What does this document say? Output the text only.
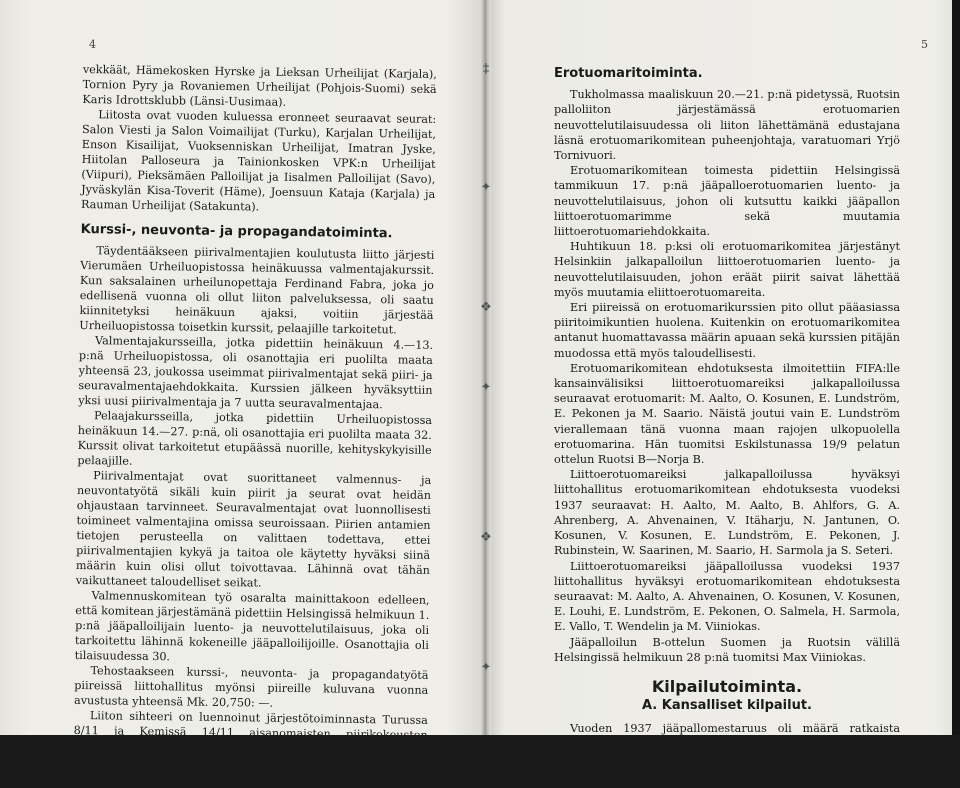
4

vekkäät, Hämekosken Hyrske ja Lieksan Urheilijat (Karjala), Tornion Pyry ja Rovaniemen Urheilijat (Pohjois-Suomi) sekä Karis Idrottsklubb (Länsi-Uusimaa).

Liitosta ovat vuoden kuluessa eronneet seuraavat seurat: Salon Viesti ja Salon Voimailijat (Turku), Karjalan Urheilijat, Enson Kisailijat, Vuoksenniskan Urheilijat, Imatran Jyske, Hiitolan Palloseura ja Tainionkosken VPK:n Urheilijat (Viipuri), Pieksämäen Palloilijat ja Iisalmen Palloilijat (Savo), Jyväskylän Kisa-Toverit (Häme), Joensuun Kataja (Karjala) ja Rauman Urheilijat (Satakunta).

Kurssi-, neuvonta- ja propagandatoiminta.

Täydentääkseen piirivalmentajien koulutusta liitto järjesti Vierumäen Urheiluopistossa heinäkuussa valmentajakurssit. Kun saksalainen urheilunopettaja Ferdinand Fabra, joka jo edellisenä vuonna oli ollut liiton palveluksessa, oli saatu kiinnitetyksi heinäkuun ajaksi, voitiin järjestää Urheiluopistossa toisetkin kurssit, pelaajille tarkoitetut.

Valmentajakursseilla, jotka pidettiin heinäkuun 4.—13. p:nä Urheiluopistossa, oli osanottajia eri puolilta maata yhteensä 23, joukossa useimmat piirivalmentajat sekä piiri- ja seuravalmentajaehdokkaita. Kurssien jälkeen hyväksyttiin yksi uusi piirivalmentaja ja 7 uutta seuravalmentajaa.

Pelaajakursseilla, jotka pidettiin Urheiluopistossa heinäkuun 14.—27. p:nä, oli osanottajia eri puolilta maata 32. Kurssit olivat tarkoitetut etupäässä nuorille, kehityskykyisille pelaajille.

Piirivalmentajat ovat suorittaneet valmennus- ja neuvontatyötä sikäli kuin piirit ja seurat ovat heidän ohjaustaan tarvinneet. Seuravalmentajat ovat luonnollisesti toimineet valmentajina omissa seuroissaan. Piirien antamien tietojen perusteella on valittaen todettava, ettei piirivalmentajien kykyä ja taitoa ole käytetty hyväksi siinä määrin kuin olisi ollut toivottavaa. Lähinnä ovat tähän vaikuttaneet taloudelliset seikat.

Valmennuskomitean työ osaralta mainittakoon edelleen, että komitean järjestämänä pidettiin Helsingissä helmikuun 1. p:nä jääpalloilijain luento- ja neuvottelutilaisuus, joka oli tarkoitettu lähinnä kokeneille jääpalloilijoille. Osanottajia oli tilaisuudessa 30.

Tehostaakseen kurssi-, neuvonta- ja propagandatyötä piireissä liittohallitus myönsi piireille kuluvana vuonna avustusta yhteensä Mk. 20,750: —.

Liiton sihteeri on luennoinut järjestötoiminnasta Turussa 8/11 ja Kemissä 14/11 aisanomaisten piirikokousten yhteydessä.

Toukokuun 13. p:nä järjestettiin tavanmukainen Helsingin halkijuoksu.

5
Erotuomaritoiminta.

Tukholmassa maaliskuun 20.—21. p:nä pidetyssä, Ruotsin palloliiton järjestämässä erotuomarien neuvottelutilaisuudessa oli liiton lähettämänä edustajana läsnä erotuomarikomitean puheenjohtaja, varatuomari Yrjö Tornivuori.

Erotuomarikomitean toimesta pidettiin Helsingissä tammikuun 17. p:nä jääpalloerotuomarien luento- ja neuvottelutilaisuus, johon oli kutsuttu kaikki jääpallon liittoerotuomarimme sekä muutamia liittoerotuomariehdokkaita.

Huhtikuun 18. p:ksi oli erotuomarikomitea järjestänyt Helsinkiin jalkapalloilun liittoerotuomarien luento- ja neuvottelutilaisuuden, johon eräät piirit saivat lähettää myös muutamia eliittoerotuomareita.

Eri piireissä on erotuomarikurssien pito ollut pääasiassa piiritoimikuntien huolena. Kuitenkin on erotuomarikomitea antanut huomattavassa määrin apuaan sekä kurssien pitäjän muodossa että myös taloudellisesti.

Erotuomarikomitean ehdotuksesta ilmoitettiin FIFA:lle kansainvälisiksi liittoerotuomareiksi jalkapalloilussa seuraavat erotuomarit: M. Aalto, O. Kosunen, E. Lundström, E. Pekonen ja M. Saario. Näistä joutui vain E. Lundström vierallemaan tänä vuonna maan rajojen ulkopuolella erotuomarina. Hän tuomitsi Eskilstunassa 19/9 pelatun ottelun Ruotsi B—Norja B.

Liittoerotuomareiksi jalkapalloilussa hyväksyi liittohallitus erotuomarikomitean ehdotuksesta vuodeksi 1937 seuraavat: H. Aalto, M. Aalto, B. Ahlfors, G. A. Ahrenberg, A. Ahvenainen, V. Itäharju, N. Jantunen, O. Kosunen, V. Kosunen, E. Lundström, E. Pekonen, J. Rubinstein, W. Saarinen, M. Saario, H. Sarmola ja S. Seteri.

Liittoerotuomareiksi jääpalloilussa vuodeksi 1937 liittohallitus hyväksyi erotuomarikomitean ehdotuksesta seuraavat: M. Aalto, A. Ahvenainen, O. Kosunen, V. Kosunen, E. Louhi, E. Lundström, E. Pekonen, O. Salmela, H. Sarmola, E. Vallo, T. Wendelin ja M. Viiniokas.

Jääpalloilun B-ottelun Suomen ja Ruotsin välillä Helsingissä helmikuun 28 p:nä tuomitsi Max Viiniokas.

Kilpailutoiminta.
A. Kansalliset kilpailut.

Vuoden 1937 jääpallomestaruus oli määrä ratkaista yksinkertaisen sarjan avulla, mukana 8 joukkuetta. Talven tulon viivästymisen vuoksi liittohallitus oli pakotettu viime tingassa muut-

‡
✦
❖
✦
❖
✦
